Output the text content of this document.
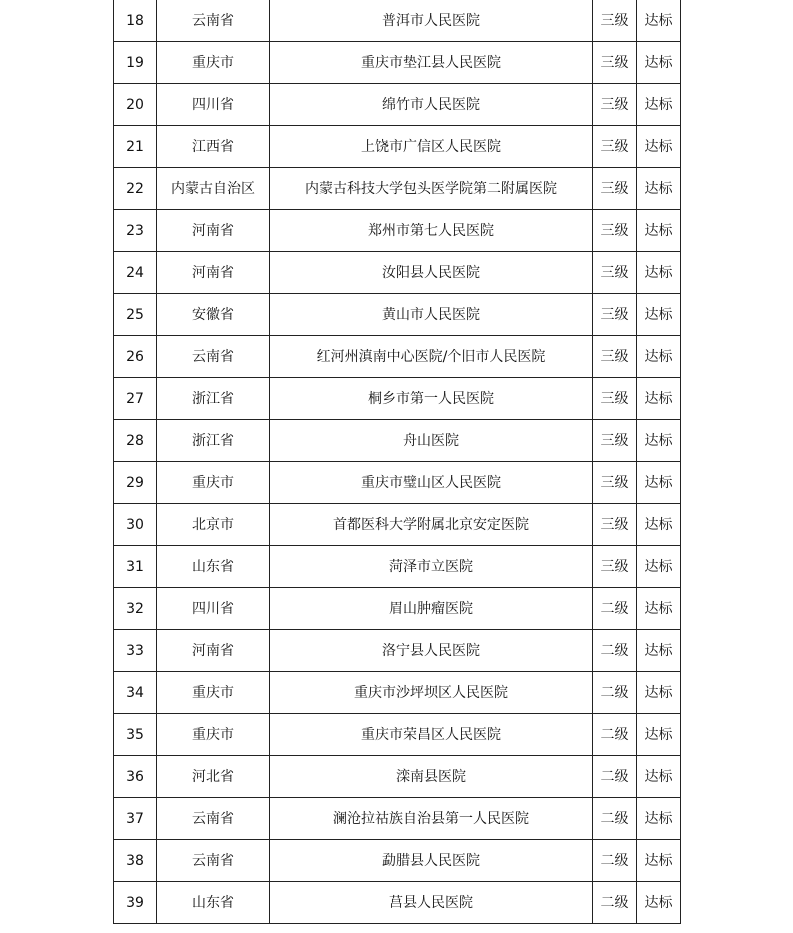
18	云南省	普洱市人民医院	三级	达标
19	重庆市	重庆市垫江县人民医院	三级	达标
20	四川省	绵竹市人民医院	三级	达标
21	江西省	上饶市广信区人民医院	三级	达标
22	内蒙古自治区	内蒙古科技大学包头医学院第二附属医院	三级	达标
23	河南省	郑州市第七人民医院	三级	达标
24	河南省	汝阳县人民医院	三级	达标
25	安徽省	黄山市人民医院	三级	达标
26	云南省	红河州滇南中心医院/个旧市人民医院	三级	达标
27	浙江省	桐乡市第一人民医院	三级	达标
28	浙江省	舟山医院	三级	达标
29	重庆市	重庆市璧山区人民医院	三级	达标
30	北京市	首都医科大学附属北京安定医院	三级	达标
31	山东省	菏泽市立医院	三级	达标
32	四川省	眉山肿瘤医院	二级	达标
33	河南省	洛宁县人民医院	二级	达标
34	重庆市	重庆市沙坪坝区人民医院	二级	达标
35	重庆市	重庆市荣昌区人民医院	二级	达标
36	河北省	滦南县医院	二级	达标
37	云南省	澜沧拉祜族自治县第一人民医院	二级	达标
38	云南省	勐腊县人民医院	二级	达标
39	山东省	莒县人民医院	二级	达标
